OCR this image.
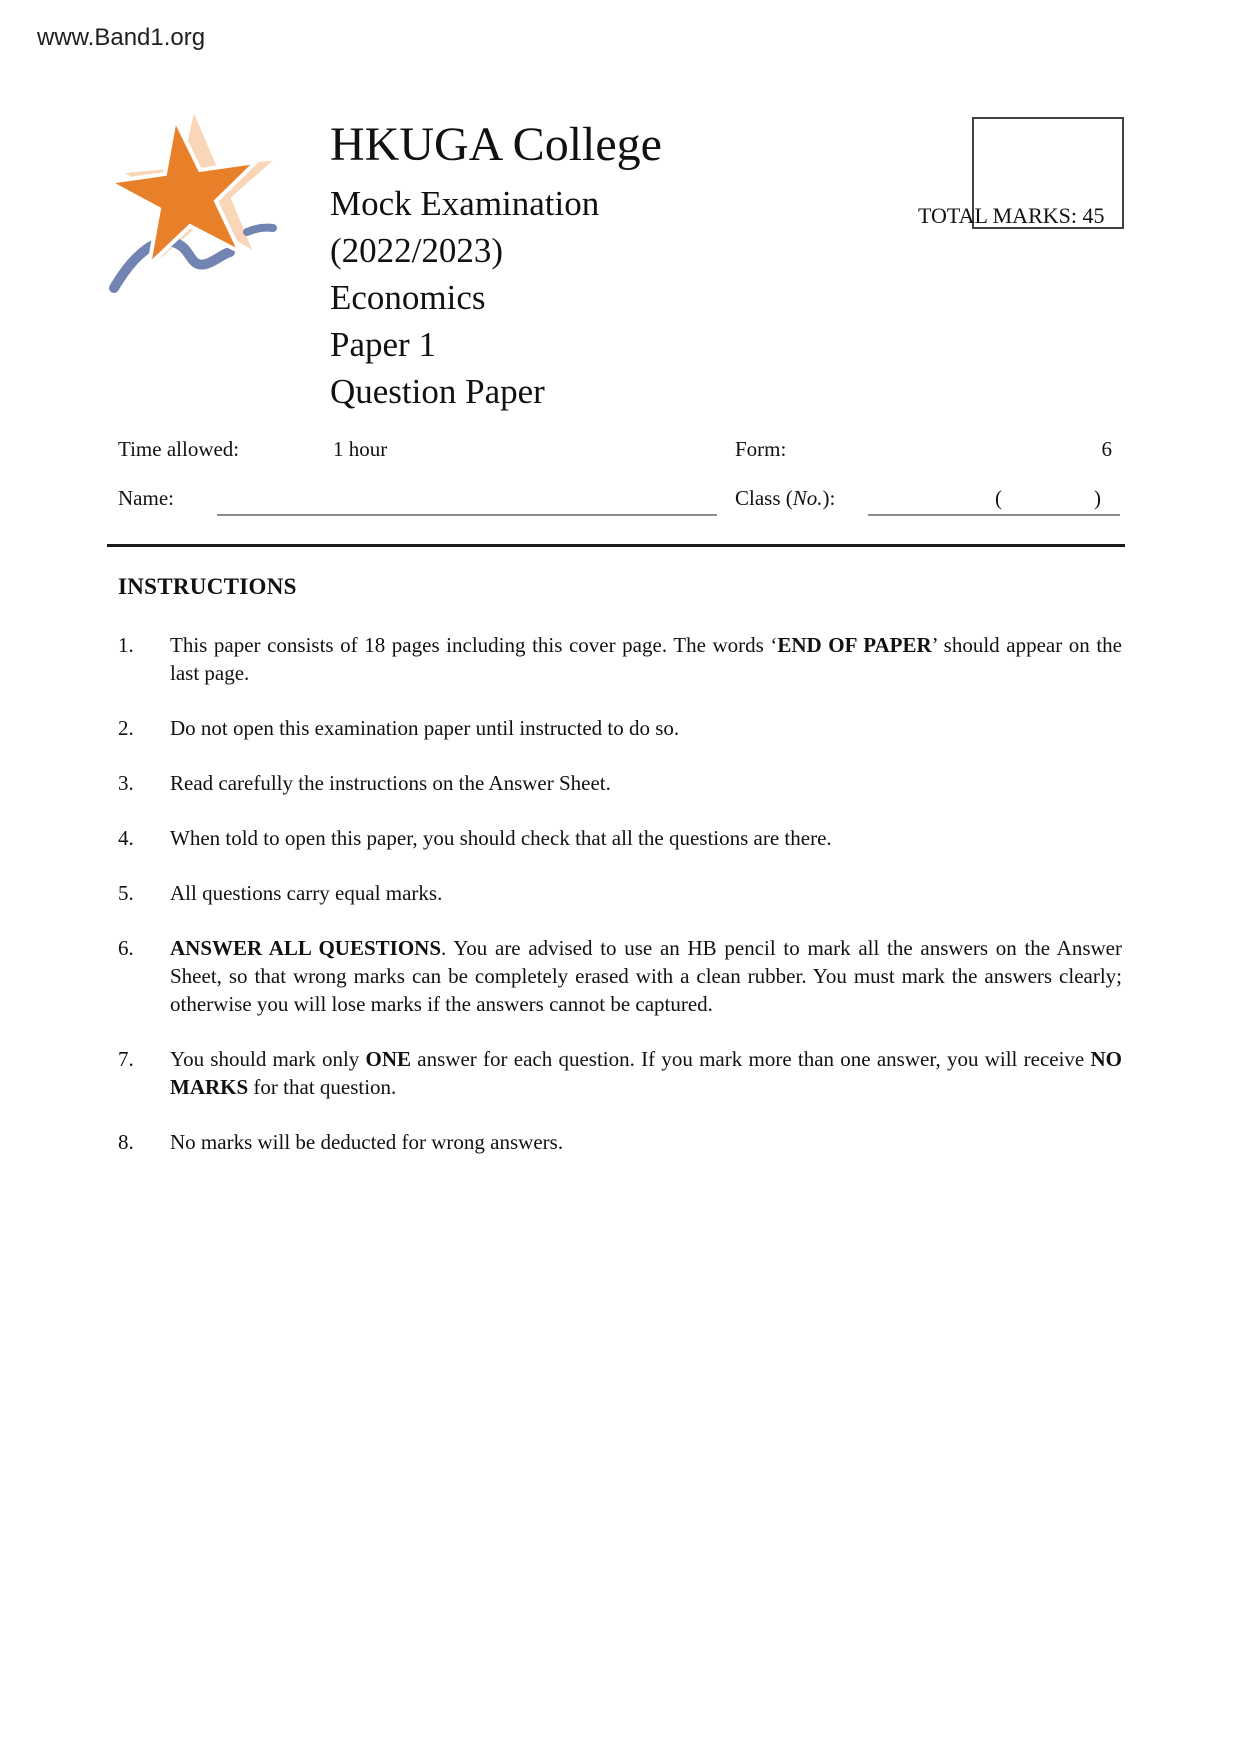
www.Band1.org
HKUGA College
Mock Examination
(2022/2023)
Economics
Paper 1
Question Paper
TOTAL MARKS: 45
Time allowed:	1 hour	Form:	6
Name:	Class (No.):	(	)
INSTRUCTIONS
1.	This paper consists of 18 pages including this cover page. The words ‘END OF PAPER’ should appear on the last page.
2.	Do not open this examination paper until instructed to do so.
3.	Read carefully the instructions on the Answer Sheet.
4.	When told to open this paper, you should check that all the questions are there.
5.	All questions carry equal marks.
6.	ANSWER ALL QUESTIONS. You are advised to use an HB pencil to mark all the answers on the Answer Sheet, so that wrong marks can be completely erased with a clean rubber. You must mark the answers clearly; otherwise you will lose marks if the answers cannot be captured.
7.	You should mark only ONE answer for each question. If you mark more than one answer, you will receive NO MARKS for that question.
8.	No marks will be deducted for wrong answers.
